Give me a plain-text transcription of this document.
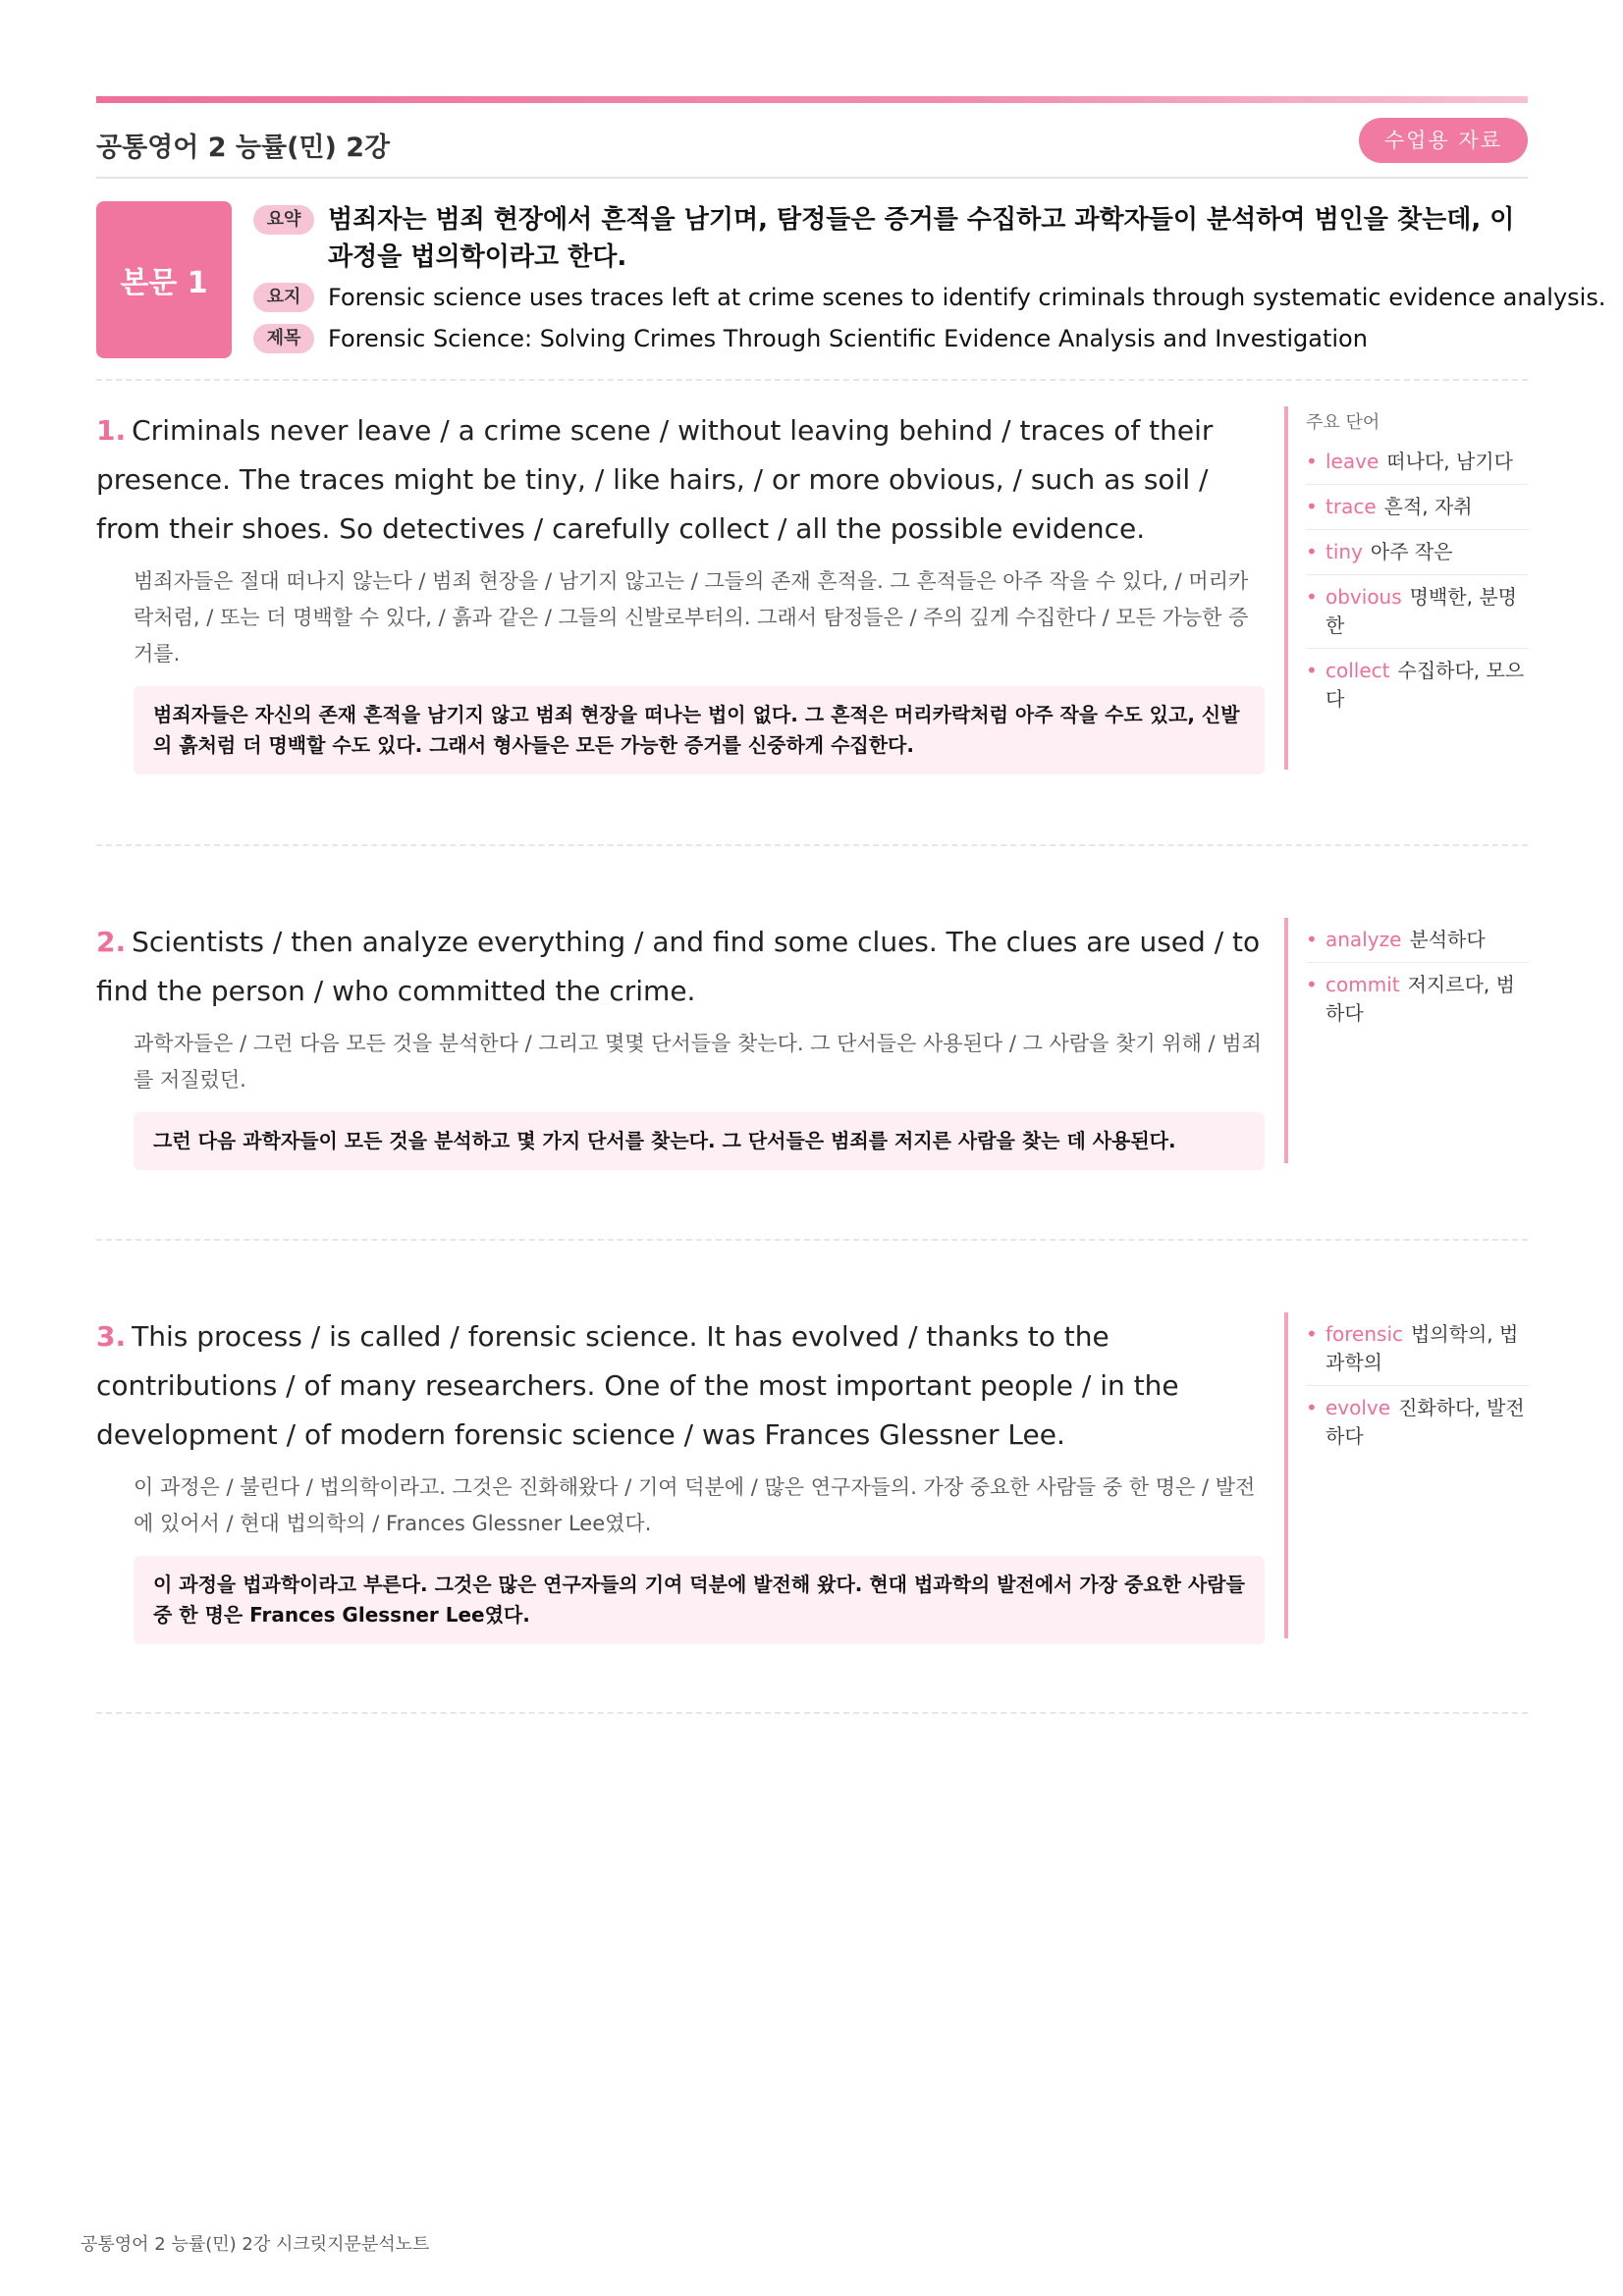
공통영어 2 능률(민) 2강	수업용 자료
본문 1
요약	범죄자는 범죄 현장에서 흔적을 남기며, 탐정들은 증거를 수집하고 과학자들이 분석하여 범인을 찾는데, 이 과정을 법의학이라고 한다.
요지	Forensic science uses traces left at crime scenes to identify criminals through systematic evidence analysis.
제목	Forensic Science: Solving Crimes Through Scientific Evidence Analysis and Investigation
1. Criminals never leave / a crime scene / without leaving behind / traces of their presence. The traces might be tiny, / like hairs, / or more obvious, / such as soil / from their shoes. So detectives / carefully collect / all the possible evidence.
범죄자들은 절대 떠나지 않는다 / 범죄 현장을 / 남기지 않고는 / 그들의 존재 흔적을. 그 흔적들은 아주 작을 수 있다, / 머리카락처럼, / 또는 더 명백할 수 있다, / 흙과 같은 / 그들의 신발로부터의. 그래서 탐정들은 / 주의 깊게 수집한다 / 모든 가능한 증거를.
범죄자들은 자신의 존재 흔적을 남기지 않고 범죄 현장을 떠나는 법이 없다. 그 흔적은 머리카락처럼 아주 작을 수도 있고, 신발의 흙처럼 더 명백할 수도 있다. 그래서 형사들은 모든 가능한 증거를 신중하게 수집한다.
주요 단어
• leave 떠나다, 남기다
• trace 흔적, 자취
• tiny 아주 작은
• obvious 명백한, 분명한
• collect 수집하다, 모으다
2. Scientists / then analyze everything / and find some clues. The clues are used / to find the person / who committed the crime.
과학자들은 / 그런 다음 모든 것을 분석한다 / 그리고 몇몇 단서들을 찾는다. 그 단서들은 사용된다 / 그 사람을 찾기 위해 / 범죄를 저질렀던.
그런 다음 과학자들이 모든 것을 분석하고 몇 가지 단서를 찾는다. 그 단서들은 범죄를 저지른 사람을 찾는 데 사용된다.
• analyze 분석하다
• commit 저지르다, 범하다
3. This process / is called / forensic science. It has evolved / thanks to the contributions / of many researchers. One of the most important people / in the development / of modern forensic science / was Frances Glessner Lee.
이 과정은 / 불린다 / 법의학이라고. 그것은 진화해왔다 / 기여 덕분에 / 많은 연구자들의. 가장 중요한 사람들 중 한 명은 / 발전에 있어서 / 현대 법의학의 / Frances Glessner Lee였다.
이 과정을 법과학이라고 부른다. 그것은 많은 연구자들의 기여 덕분에 발전해 왔다. 현대 법과학의 발전에서 가장 중요한 사람들 중 한 명은 Frances Glessner Lee였다.
• forensic 법의학의, 법과학의
• evolve 진화하다, 발전하다
공통영어 2 능률(민) 2강 시크릿지문분석노트
